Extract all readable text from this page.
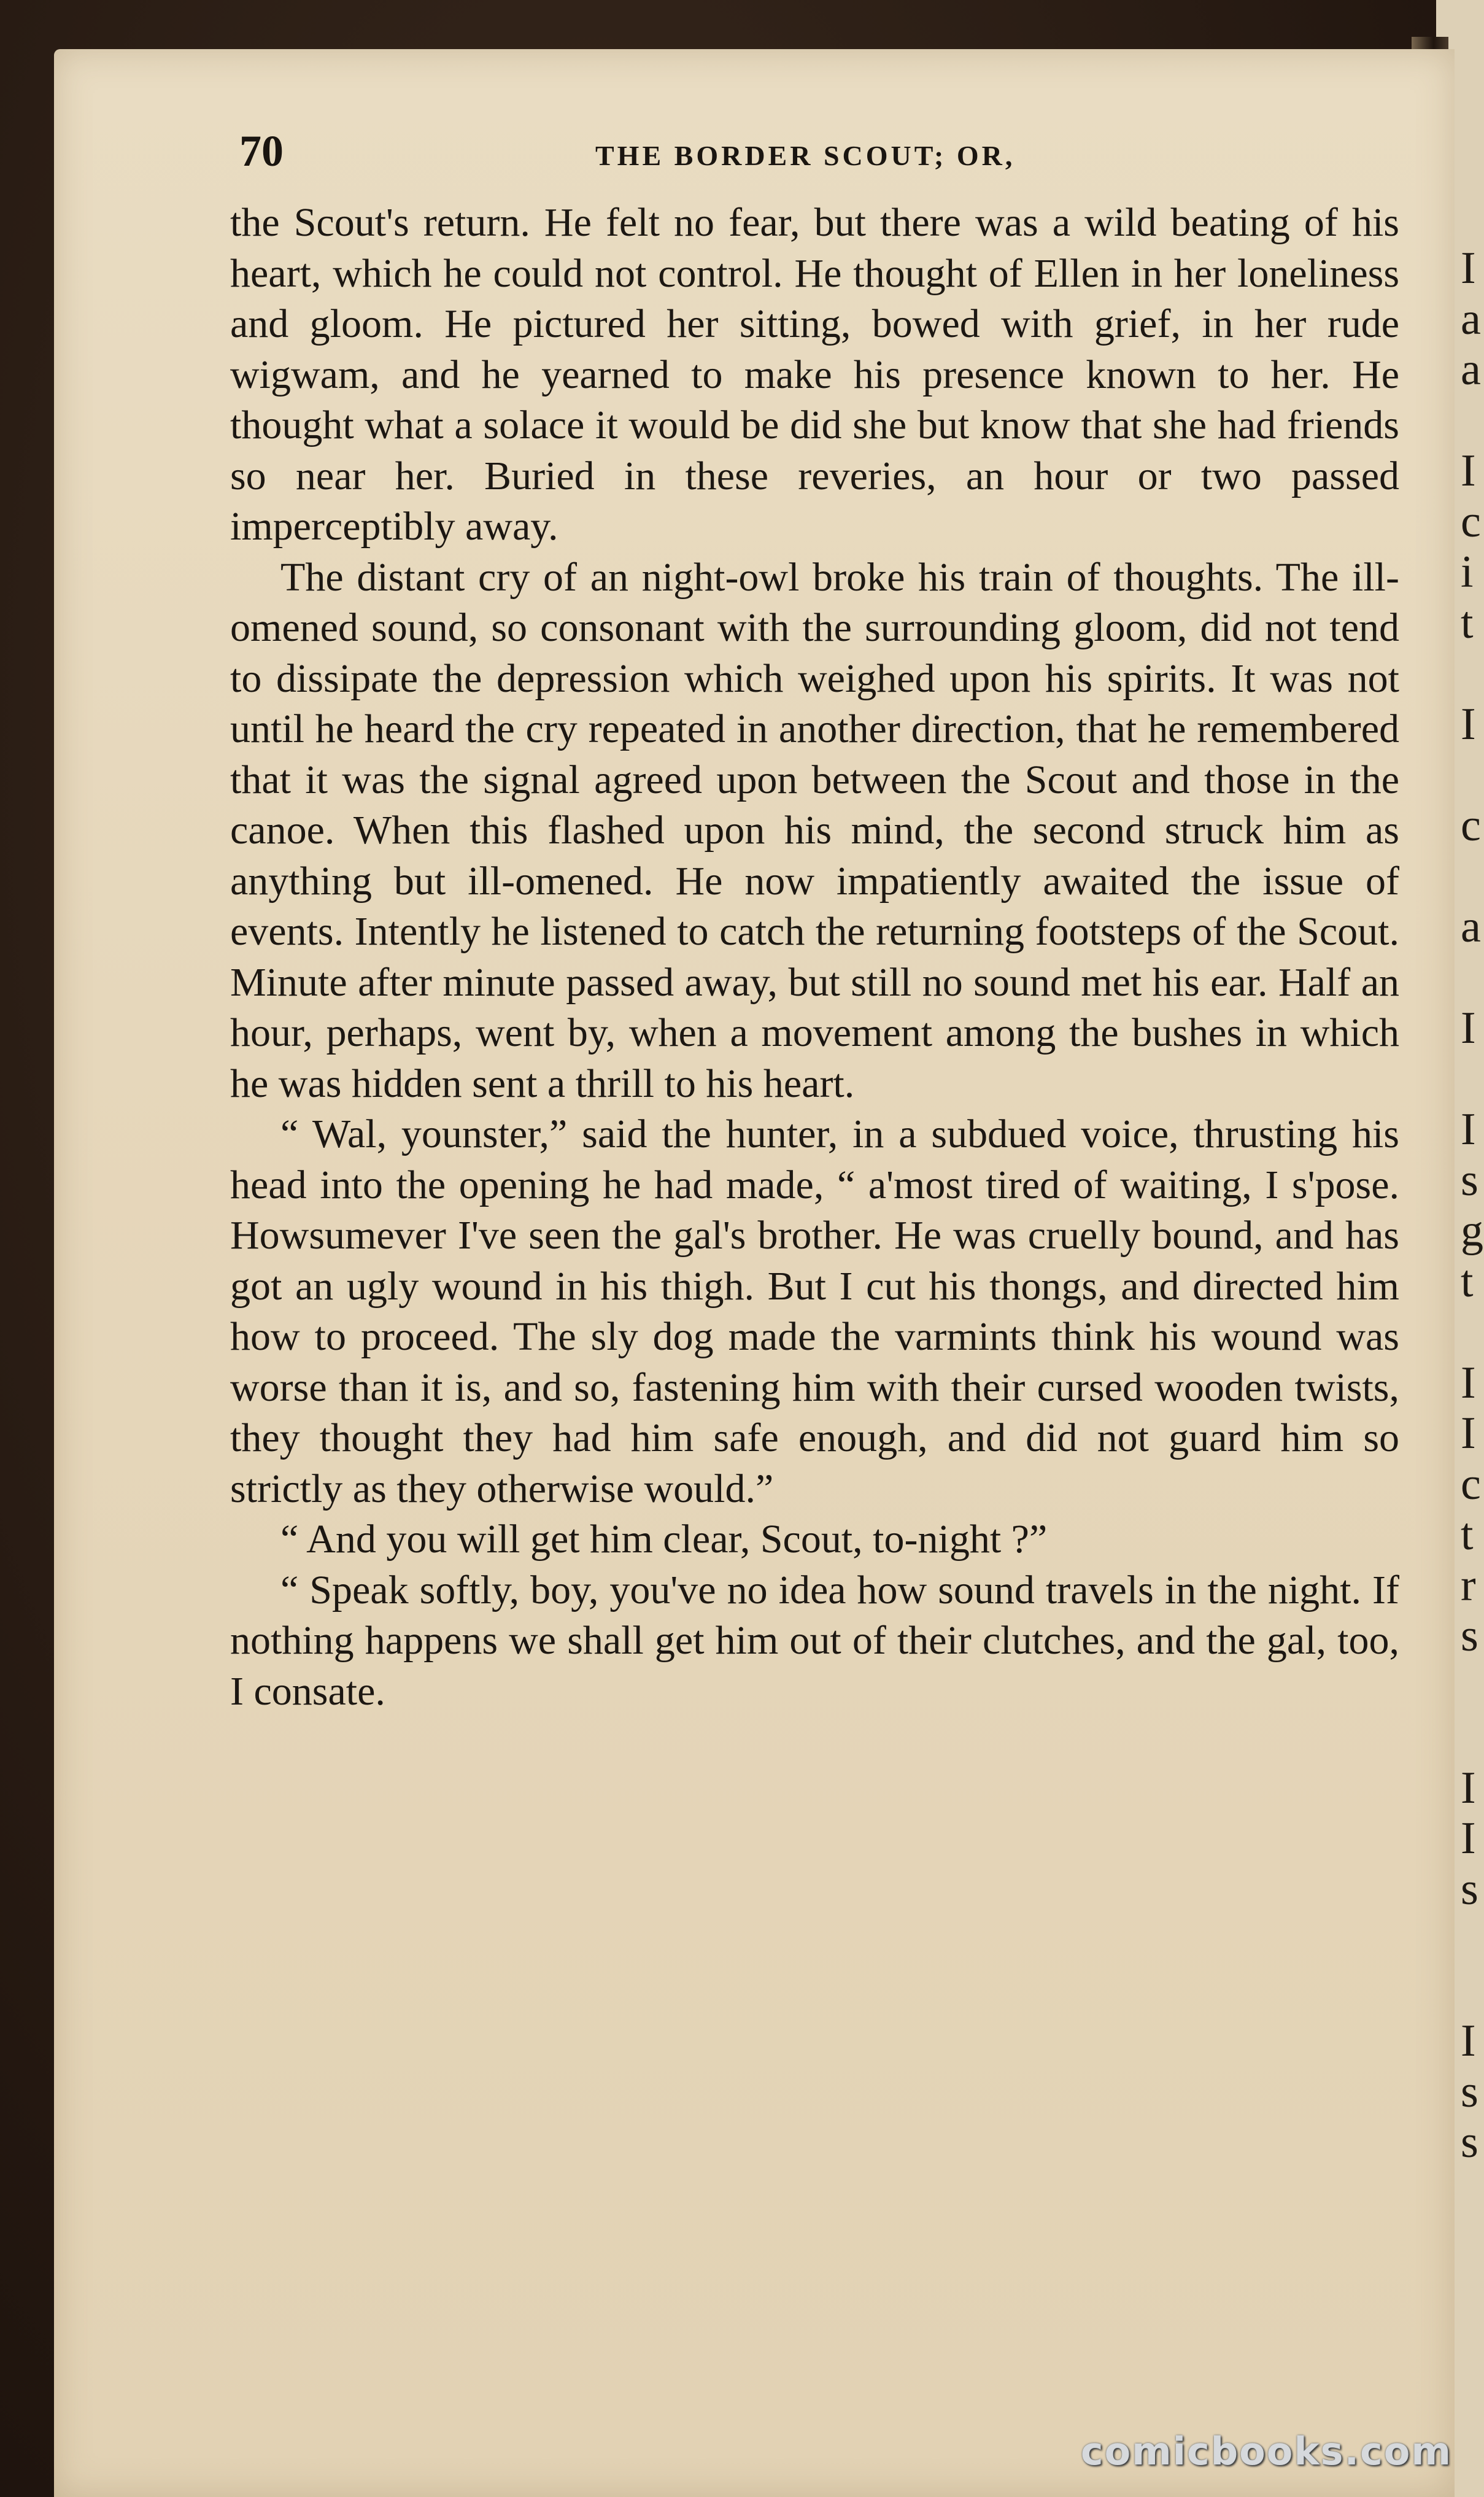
I
a
a
I
c
i
t
I
c
a
I
I
s
g
t
I
I
c
t
r
s
I
I
s
I
s
s
70	THE BORDER SCOUT; OR,

the Scout's return. He felt no fear, but there was a wild beating of his heart, which he could not control. He thought of Ellen in her loneliness and gloom. He pictured her sitting, bowed with grief, in her rude wigwam, and he yearned to make his presence known to her. He thought what a solace it would be did she but know that she had friends so near her. Buried in these reveries, an hour or two passed imperceptibly away.

The distant cry of an night-owl broke his train of thoughts. The ill-omened sound, so consonant with the surrounding gloom, did not tend to dissipate the depression which weighed upon his spirits. It was not until he heard the cry repeated in another direction, that he remembered that it was the signal agreed upon between the Scout and those in the canoe. When this flashed upon his mind, the second struck him as anything but ill-omened. He now impatiently awaited the issue of events. Intently he listened to catch the returning footsteps of the Scout. Minute after minute passed away, but still no sound met his ear. Half an hour, perhaps, went by, when a movement among the bushes in which he was hidden sent a thrill to his heart.

“ Wal, younster,” said the hunter, in a subdued voice, thrusting his head into the opening he had made, “ a'most tired of waiting, I s'pose. Howsumever I've seen the gal's brother. He was cruelly bound, and has got an ugly wound in his thigh. But I cut his thongs, and directed him how to proceed. The sly dog made the varmints think his wound was worse than it is, and so, fastening him with their cursed wooden twists, they thought they had him safe enough, and did not guard him so strictly as they otherwise would.”

“ And you will get him clear, Scout, to-night ?”

“ Speak softly, boy, you've no idea how sound travels in the night. If nothing happens we shall get him out of their clutches, and the gal, too, I consate.

comicbooks.com
